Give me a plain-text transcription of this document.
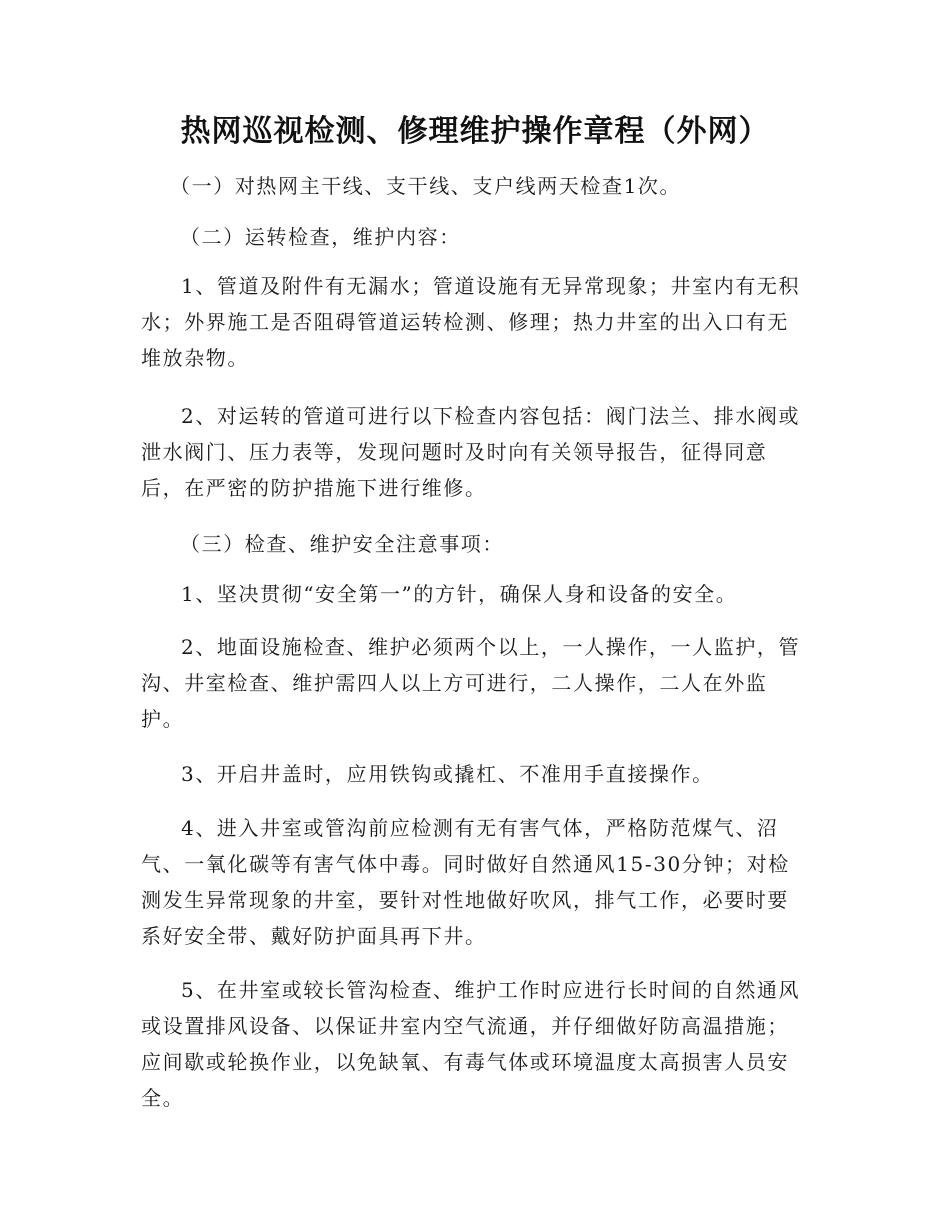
热网巡视检测、修理维护操作章程（外网）

（一）对热网主干线、支干线、支户线两天检查1次。

（二）运转检查，维护内容：

1、管道及附件有无漏水；管道设施有无异常现象；井室内有无积水；外界施工是否阻碍管道运转检测、修理；热力井室的出入口有无堆放杂物。

2、对运转的管道可进行以下检查内容包括：阀门法兰、排水阀或泄水阀门、压力表等，发现问题时及时向有关领导报告，征得同意后，在严密的防护措施下进行维修。

（三）检查、维护安全注意事项：

1、坚决贯彻“安全第一”的方针，确保人身和设备的安全。

2、地面设施检查、维护必须两个以上，一人操作，一人监护，管沟、井室检查、维护需四人以上方可进行，二人操作，二人在外监护。

3、开启井盖时，应用铁钩或撬杠、不准用手直接操作。

4、进入井室或管沟前应检测有无有害气体，严格防范煤气、沼气、一氧化碳等有害气体中毒。同时做好自然通风15-30分钟；对检测发生异常现象的井室，要针对性地做好吹风，排气工作，必要时要系好安全带、戴好防护面具再下井。

5、在井室或较长管沟检查、维护工作时应进行长时间的自然通风或设置排风设备、以保证井室内空气流通，并仔细做好防高温措施；应间歇或轮换作业，以免缺氧、有毒气体或环境温度太高损害人员安全。
